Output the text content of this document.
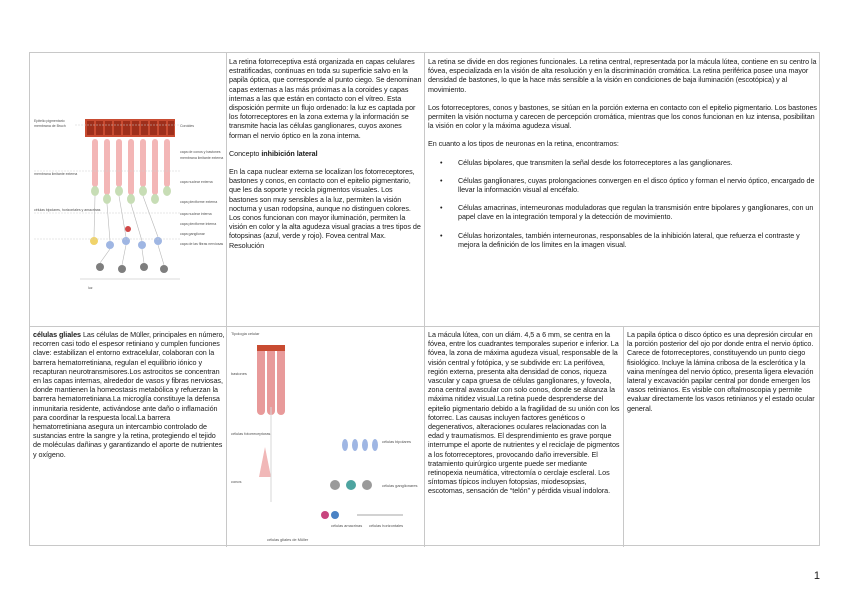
Epitelio pigmentario
membrana de Bruch	Coroides
capa de conos y bastones
membrana limitante externa
membrana limitante externa
células bipolares, horizontales y amacrinas
capa nuclear externa
capa plexiforme externa
capa nuclear interna
capa plexiforme interna
capa ganglionar
capa de las fibras nerviosas
luz

La retina fotorreceptiva está organizada en capas celulares estratificadas, continuas en toda su superficie salvo en la papila óptica, que corresponde al punto ciego. Se denominan capas externas a las más próximas a la coroides y capas internas a las que están en contacto con el vítreo. Esta disposición permite un flujo ordenado: la luz es captada por los fotorreceptores en la zona externa y la información se transmite hacia las células ganglionares, cuyos axones forman el nervio óptico en la zona interna.

Concepto inhibición lateral

En la capa nuclear externa se localizan los fotorreceptores, bastones y conos, en contacto con el epitelio pigmentario, que les da soporte y recicla pigmentos visuales. Los bastones son muy sensibles a la luz, permiten la visión nocturna y usan rodopsina, aunque no distinguen colores. Los conos funcionan con mayor iluminación, permiten la visión en color y la alta agudeza visual gracias a tres tipos de fotopsinas (azul, verde y rojo). Fovea central Max. Resolución

La retina se divide en dos regiones funcionales. La retina central, representada por la mácula lútea, contiene en su centro la fóvea, especializada en la visión de alta resolución y en la discriminación cromática. La retina periférica posee una mayor densidad de bastones, lo que la hace más sensible a la visión en condiciones de baja iluminación (escotópica) y al movimiento.

Los fotorreceptores, conos y bastones, se sitúan en la porción externa en contacto con el epitelio pigmentario. Los bastones permiten la visión nocturna y carecen de percepción cromática, mientras que los conos funcionan en luz intensa, posibilitan la visión en color y la máxima agudeza visual.

En cuanto a los tipos de neuronas en la retina, encontramos:

• Células bipolares, que transmiten la señal desde los fotorreceptores a las ganglionares.
• Células ganglionares, cuyas prolongaciones convergen en el disco óptico y forman el nervio óptico, encargado de llevar la información visual al encéfalo.
• Células amacrinas, interneuronas moduladoras que regulan la transmisión entre bipolares y ganglionares, con un papel clave en la integración temporal y la detección de movimiento.
• Células horizontales, también interneuronas, responsables de la inhibición lateral, que refuerza el contraste y mejora la definición de los límites en la imagen visual.

células gliales Las células de Müller, principales en número, recorren casi todo el espesor retiniano y cumplen funciones clave: estabilizan el entorno extracelular, colaboran con la barrera hematorretiniana, regulan el equilibrio iónico y recapturan neurotransmisores.Los astrocitos se concentran en las capas internas, alrededor de vasos y fibras nerviosas, donde mantienen la homeostasis metabólica y refuerzan la barrera hematorretiniana.La microglía constituye la defensa inmunitaria residente, activándose ante daño o inflamación para coordinar la respuesta local.La barrera hematorretiniana asegura un intercambio controlado de sustancias entre la sangre y la retina, protegiendo el tejido de moléculas dañinas y garantizando el aporte de nutrientes y oxígeno.

Tipología celular
bastones
células fotorreceptoras
conos
células bipolares
células ganglionares
células amacrinas células horizontales
células gliales de Müller

La mácula lútea, con un diám. 4,5 a 6 mm, se centra en la fóvea, entre los cuadrantes temporales superior e inferior. La fóvea, la zona de máxima agudeza visual, responsable de la visión central y fotópica, y se subdivide en: La perifóvea, región externa, presenta alta densidad de conos, riqueza vascular y capa gruesa de células ganglionares, y foveola, zona central avascular con solo conos, donde se alcanza la máxima nitidez visual.La retina puede desprenderse del epitelio pigmentario debido a la fragilidad de su unión con los fotorrec. Las causas incluyen factores genéticos o degenerativos, alteraciones oculares relacionadas con la edad y traumatismos. El desprendimiento es grave porque interrumpe el aporte de nutrientes y el reciclaje de pigmentos a los fotorreceptores, provocando daño irreversible. El tratamiento quirúrgico urgente puede ser mediante retinopexia neumática, vitrectomía o cerclaje escleral. Los síntomas típicos incluyen fotopsias, miodesopsias, escotomas, sensación de “telón” y pérdida visual indolora.

La papila óptica o disco óptico es una depresión circular en la porción posterior del ojo por donde entra el nervio óptico. Carece de fotorreceptores, constituyendo un punto ciego fisiológico. Incluye la lámina cribosa de la esclerótica y la vaina meníngea del nervio óptico, presenta ligera elevación lateral y excavación papilar central por donde emergen los vasos retinianos. Es visible con oftalmoscopia y permite evaluar directamente los vasos retinianos y el estado ocular general.

1
